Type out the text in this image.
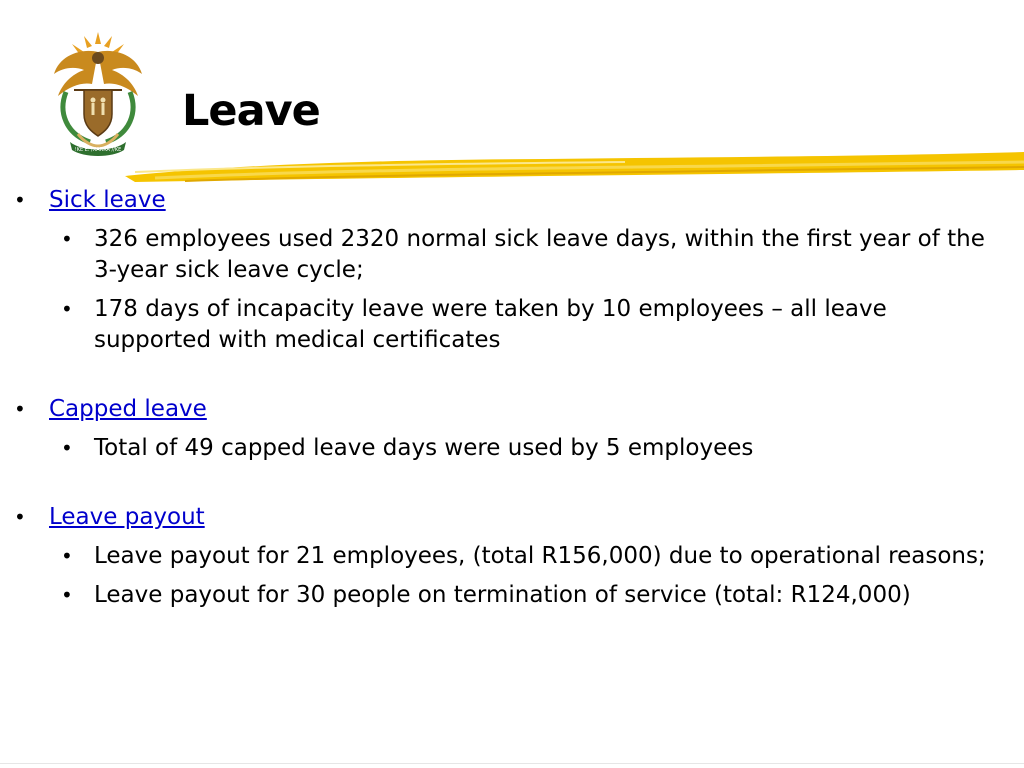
!KE E: /XARRA //KE
Leave
• Sick leave
• 326 employees used 2320 normal sick leave days, within the first year of the 3-year sick leave cycle;
• 178 days of incapacity leave were taken by 10 employees – all leave supported with medical certificates
• Capped leave
• Total of 49 capped leave days were used by 5 employees
• Leave payout
• Leave payout for 21 employees, (total R156,000) due to operational reasons;
• Leave payout for 30 people on termination of service (total: R124,000)
